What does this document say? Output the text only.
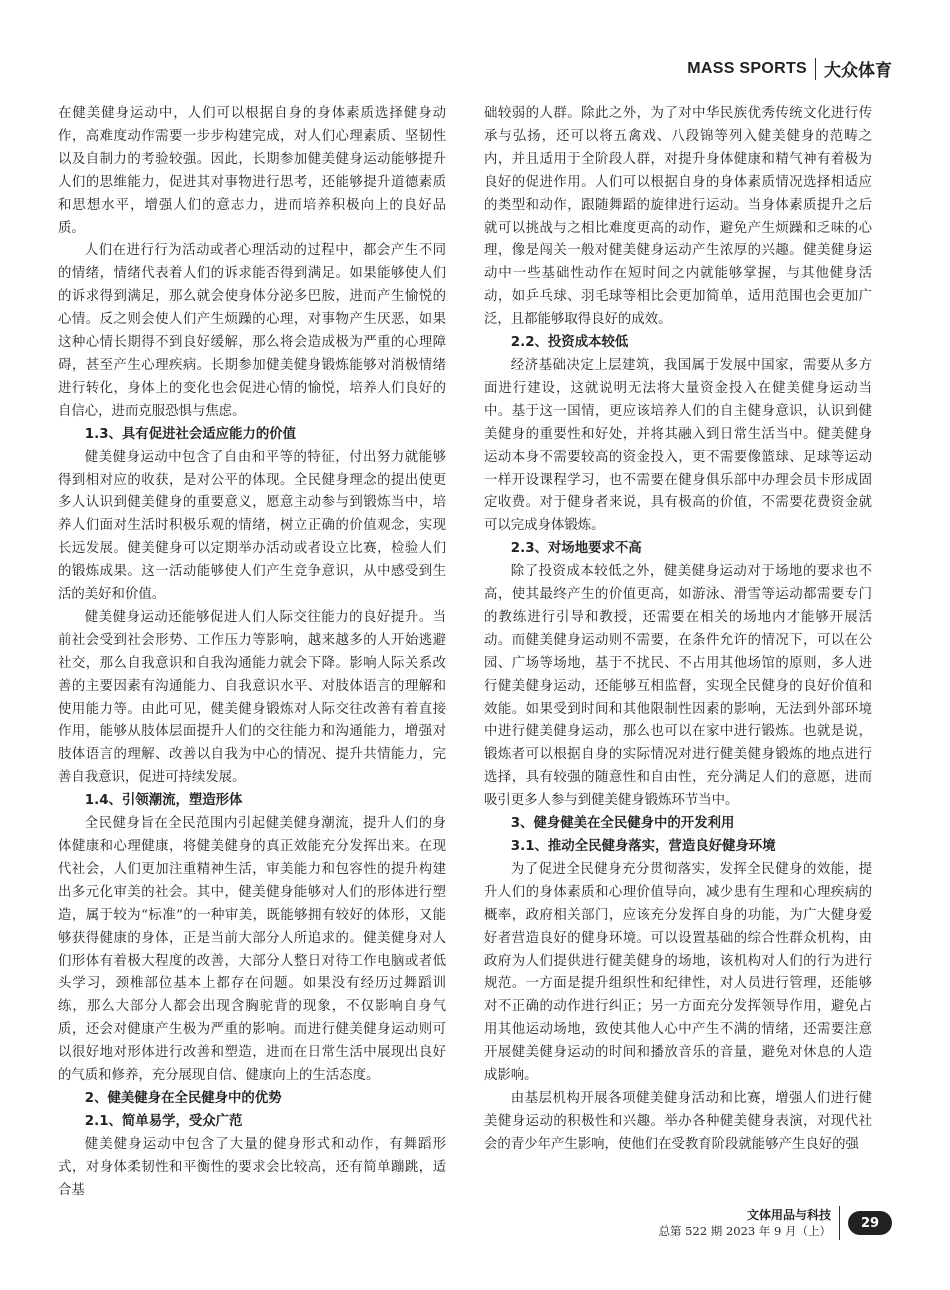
MASS SPORTS 大众体育

在健美健身运动中，人们可以根据自身的身体素质选择健身动作，高难度动作需要一步步构建完成，对人们心理素质、坚韧性以及自制力的考验较强。因此，长期参加健美健身运动能够提升人们的思维能力，促进其对事物进行思考，还能够提升道德素质和思想水平，增强人们的意志力，进而培养积极向上的良好品质。

人们在进行行为活动或者心理活动的过程中，都会产生不同的情绪，情绪代表着人们的诉求能否得到满足。如果能够使人们的诉求得到满足，那么就会使身体分泌多巴胺，进而产生愉悦的心情。反之则会使人们产生烦躁的心理，对事物产生厌恶，如果这种心情长期得不到良好缓解，那么将会造成极为严重的心理障碍，甚至产生心理疾病。长期参加健美健身锻炼能够对消极情绪进行转化，身体上的变化也会促进心情的愉悦，培养人们良好的自信心，进而克服恐惧与焦虑。

1.3、具有促进社会适应能力的价值

健美健身运动中包含了自由和平等的特征，付出努力就能够得到相对应的收获，是对公平的体现。全民健身理念的提出使更多人认识到健美健身的重要意义，愿意主动参与到锻炼当中，培养人们面对生活时积极乐观的情绪，树立正确的价值观念，实现长远发展。健美健身可以定期举办活动或者设立比赛，检验人们的锻炼成果。这一活动能够使人们产生竞争意识，从中感受到生活的美好和价值。

健美健身运动还能够促进人们人际交往能力的良好提升。当前社会受到社会形势、工作压力等影响，越来越多的人开始逃避社交，那么自我意识和自我沟通能力就会下降。影响人际关系改善的主要因素有沟通能力、自我意识水平、对肢体语言的理解和使用能力等。由此可见，健美健身锻炼对人际交往改善有着直接作用，能够从肢体层面提升人们的交往能力和沟通能力，增强对肢体语言的理解、改善以自我为中心的情况、提升共情能力，完善自我意识，促进可持续发展。

1.4、引领潮流，塑造形体

全民健身旨在全民范围内引起健美健身潮流，提升人们的身体健康和心理健康，将健美健身的真正效能充分发挥出来。在现代社会，人们更加注重精神生活，审美能力和包容性的提升构建出多元化审美的社会。其中，健美健身能够对人们的形体进行塑造，属于较为“标准”的一种审美，既能够拥有较好的体形，又能够获得健康的身体，正是当前大部分人所追求的。健美健身对人们形体有着极大程度的改善，大部分人整日对待工作电脑或者低头学习，颈椎部位基本上都存在问题。如果没有经历过舞蹈训练，那么大部分人都会出现含胸驼背的现象，不仅影响自身气质，还会对健康产生极为严重的影响。而进行健美健身运动则可以很好地对形体进行改善和塑造，进而在日常生活中展现出良好的气质和修养，充分展现自信、健康向上的生活态度。

2、健美健身在全民健身中的优势
2.1、简单易学，受众广范

健美健身运动中包含了大量的健身形式和动作，有舞蹈形式，对身体柔韧性和平衡性的要求会比较高，还有简单蹦跳，适合基

础较弱的人群。除此之外，为了对中华民族优秀传统文化进行传承与弘扬，还可以将五禽戏、八段锦等列入健美健身的范畴之内，并且适用于全阶段人群，对提升身体健康和精气神有着极为良好的促进作用。人们可以根据自身的身体素质情况选择相适应的类型和动作，跟随舞蹈的旋律进行运动。当身体素质提升之后就可以挑战与之相比难度更高的动作，避免产生烦躁和乏味的心理，像是闯关一般对健美健身运动产生浓厚的兴趣。健美健身运动中一些基础性动作在短时间之内就能够掌握，与其他健身活动，如乒乓球、羽毛球等相比会更加简单，适用范围也会更加广泛，且都能够取得良好的成效。

2.2、投资成本较低

经济基础决定上层建筑，我国属于发展中国家，需要从多方面进行建设，这就说明无法将大量资金投入在健美健身运动当中。基于这一国情，更应该培养人们的自主健身意识，认识到健美健身的重要性和好处，并将其融入到日常生活当中。健美健身运动本身不需要较高的资金投入，更不需要像篮球、足球等运动一样开设课程学习，也不需要在健身俱乐部中办理会员卡形成固定收费。对于健身者来说，具有极高的价值，不需要花费资金就可以完成身体锻炼。

2.3、对场地要求不高

除了投资成本较低之外，健美健身运动对于场地的要求也不高，使其最终产生的价值更高，如游泳、滑雪等运动都需要专门的教练进行引导和教授，还需要在相关的场地内才能够开展活动。而健美健身运动则不需要，在条件允许的情况下，可以在公园、广场等场地，基于不扰民、不占用其他场馆的原则，多人进行健美健身运动，还能够互相监督，实现全民健身的良好价值和效能。如果受到时间和其他限制性因素的影响，无法到外部环境中进行健美健身运动，那么也可以在家中进行锻炼。也就是说，锻炼者可以根据自身的实际情况对进行健美健身锻炼的地点进行选择，具有较强的随意性和自由性，充分满足人们的意愿，进而吸引更多人参与到健美健身锻炼环节当中。

3、健身健美在全民健身中的开发利用
3.1、推动全民健身落实，营造良好健身环境

为了促进全民健身充分贯彻落实，发挥全民健身的效能，提升人们的身体素质和心理价值导向，减少患有生理和心理疾病的概率，政府相关部门，应该充分发挥自身的功能，为广大健身爱好者营造良好的健身环境。可以设置基础的综合性群众机构，由政府为人们提供进行健美健身的场地，该机构对人们的行为进行规范。一方面是提升组织性和纪律性，对人员进行管理，还能够对不正确的动作进行纠正；另一方面充分发挥领导作用，避免占用其他运动场地，致使其他人心中产生不满的情绪，还需要注意开展健美健身运动的时间和播放音乐的音量，避免对休息的人造成影响。

由基层机构开展各项健美健身活动和比赛，增强人们进行健美健身运动的积极性和兴趣。举办各种健美健身表演，对现代社会的青少年产生影响，使他们在受教育阶段就能够产生良好的强

文体用品与科技
总第 522 期 2023 年 9 月（上）
29
